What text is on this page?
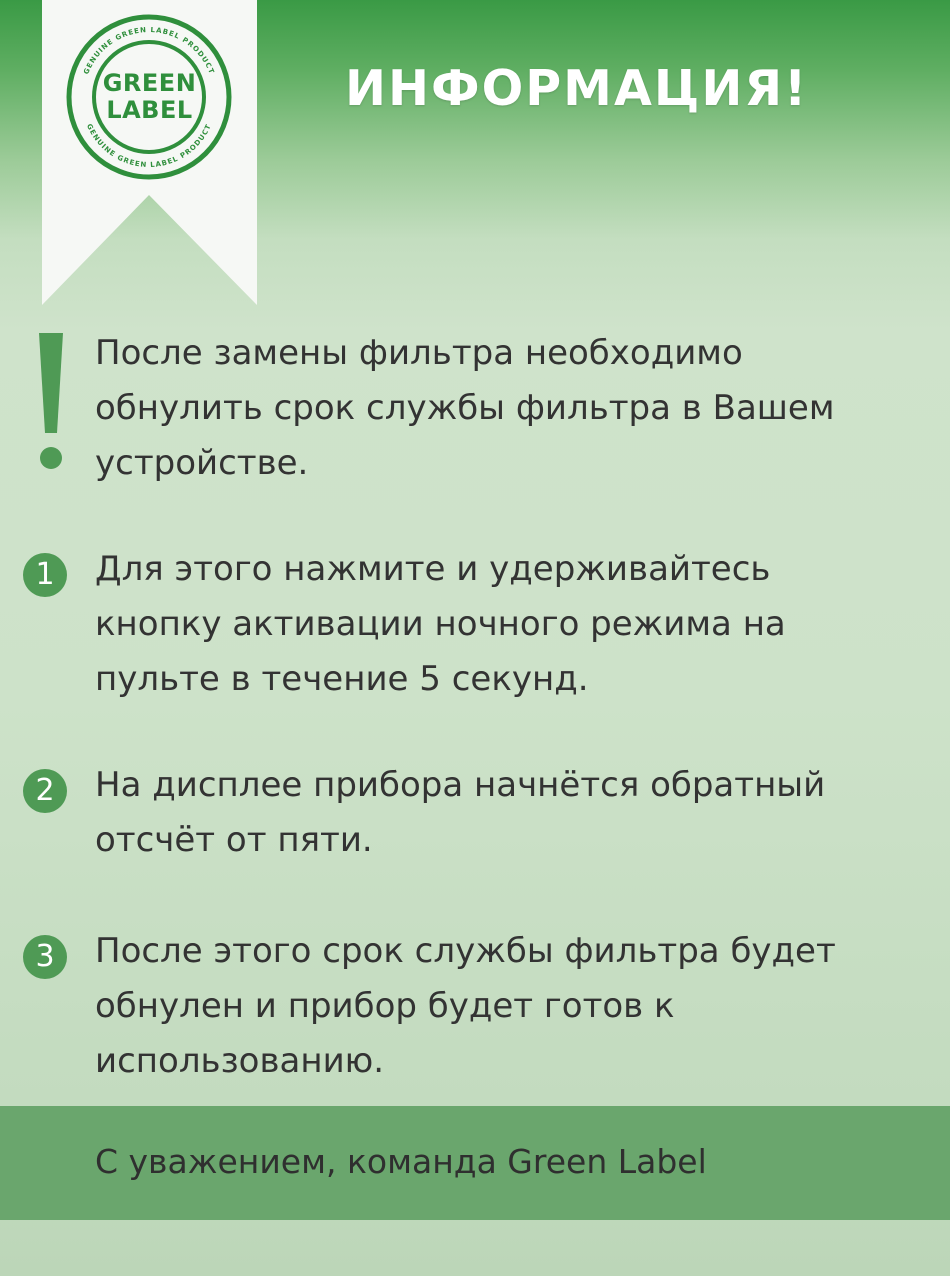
GENUINE GREEN LABEL PRODUCT
GENUINE GREEN LABEL PRODUCT
GREEN
LABEL	ИНФОРМАЦИЯ!

После замены фильтра необходимо

обнулить срок службы фильтра в Вашем

устройстве.

1	Для этого нажмите и удерживайтесь

кнопку активации ночного режима на

пульте в течение 5 секунд.

2	На дисплее прибора начнётся обратный

отсчёт от пяти.

3	После этого срок службы фильтра будет

обнулен и прибор будет готов к

использованию.

С уважением, команда Green Label
